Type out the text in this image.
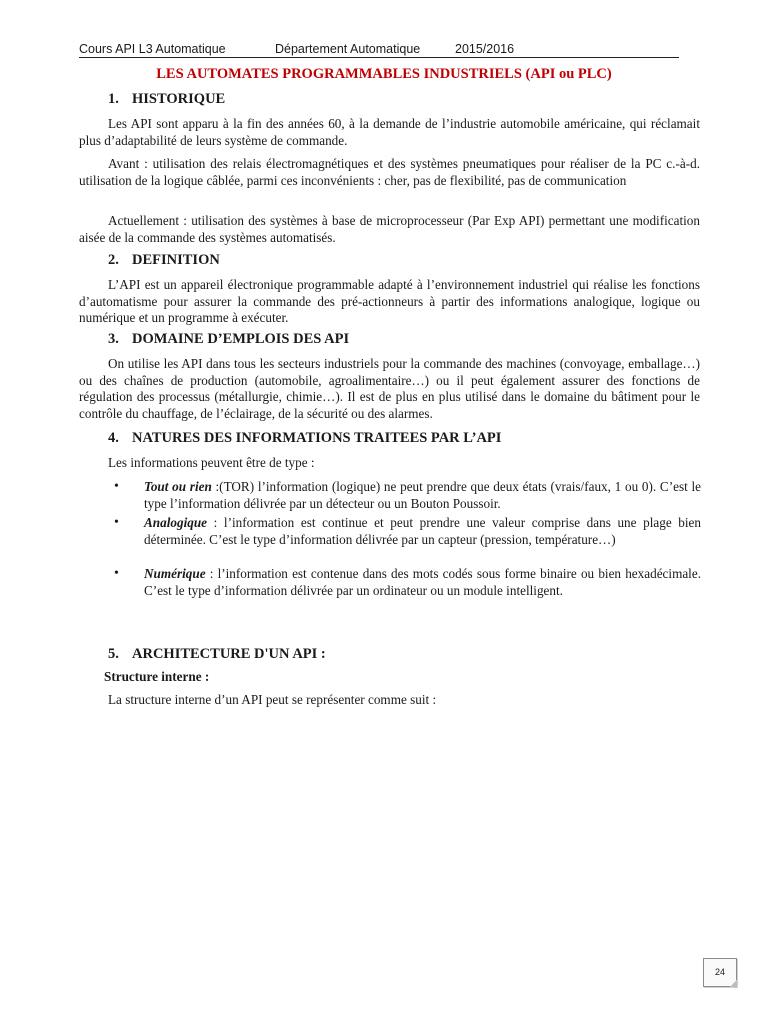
Cours API L3 Automatique	Département Automatique	2015/2016
LES AUTOMATES PROGRAMMABLES INDUSTRIELS (API ou PLC)
1. HISTORIQUE

Les API sont apparu à la fin des années 60, à la demande de l’industrie automobile américaine, qui réclamait plus d’adaptabilité de leurs système de commande.

Avant : utilisation des relais électromagnétiques et des systèmes pneumatiques pour réaliser de la PC c.-à-d. utilisation de la logique câblée, parmi ces inconvénients : cher, pas de flexibilité, pas de communication

Actuellement : utilisation des systèmes à base de microprocesseur (Par Exp API) permettant une modification aisée de la commande des systèmes automatisés.

2. DEFINITION

L’API est un appareil électronique programmable adapté à l’environnement industriel qui réalise les fonctions d’automatisme pour assurer la commande des pré-actionneurs à partir des informations analogique, logique ou numérique et un programme à exécuter.

3. DOMAINE D’EMPLOIS DES API

On utilise les API dans tous les secteurs industriels pour la commande des machines (convoyage, emballage…) ou des chaînes de production (automobile, agroalimentaire…) ou il peut également assurer des fonctions de régulation des processus (métallurgie, chimie…). Il est de plus en plus utilisé dans le domaine du bâtiment pour le contrôle du chauffage, de l’éclairage, de la sécurité ou des alarmes.

4. NATURES DES INFORMATIONS TRAITEES PAR L’API

Les informations peuvent être de type :

• Tout ou rien :(TOR) l’information (logique) ne peut prendre que deux états (vrais/faux, 1 ou 0). C’est le type l’information délivrée par un détecteur ou un Bouton Poussoir.
• Analogique : l’information est continue et peut prendre une valeur comprise dans une plage bien déterminée. C’est le type d’information délivrée par un capteur (pression, température…)
• Numérique : l’information est contenue dans des mots codés sous forme binaire ou bien hexadécimale. C’est le type d’information délivrée par un ordinateur ou un module intelligent.
5. ARCHITECTURE D'UN API :
Structure interne :

La structure interne d’un API peut se représenter comme suit :

24
